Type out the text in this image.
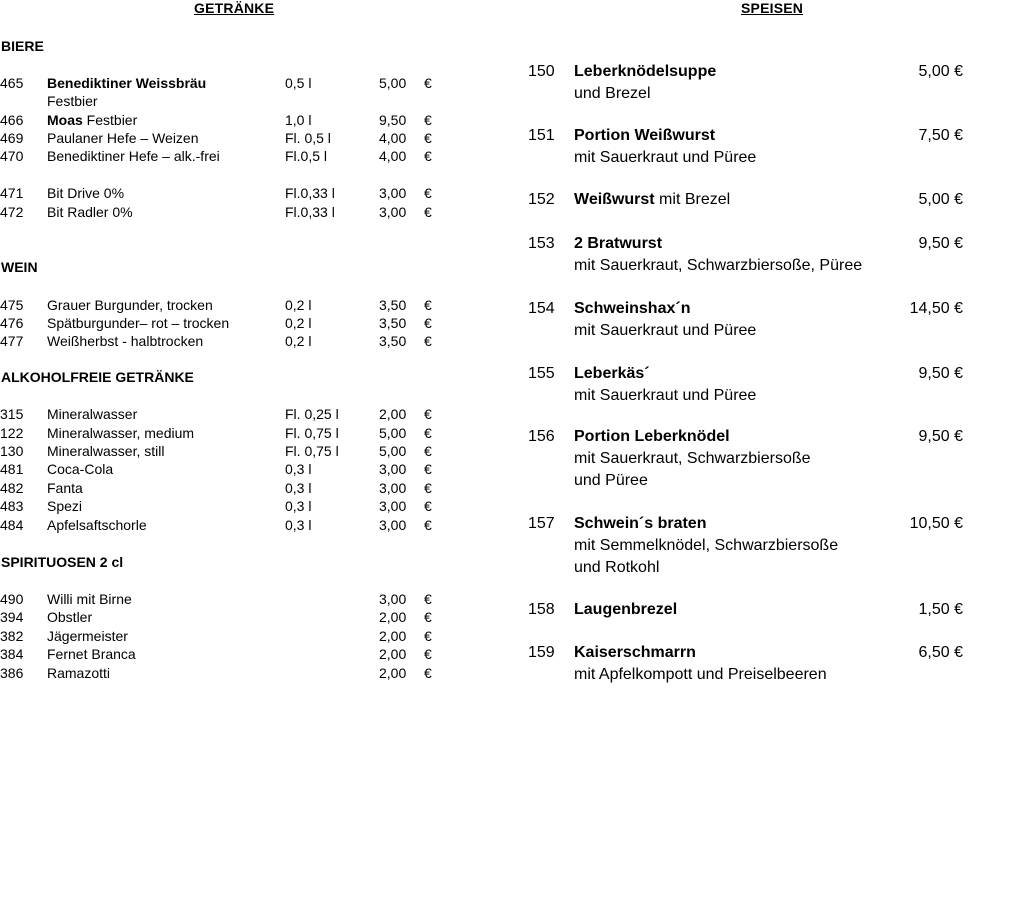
GETRÄNKE	SPEISEN
BIERE
WEIN
ALKOHOLFREIE GETRÄNKE
SPIRITUOSEN 2 cl
465 Benediktiner Weissbräu	0,5 l	5,00 €
Festbier
466 Moas Festbier	1,0 l	9,50 €
469 Paulaner Hefe – Weizen	Fl. 0,5 l	4,00 €
470 Benediktiner Hefe – alk.-frei	Fl.0,5 l	4,00 €
471 Bit Drive 0%	Fl.0,33 l	3,00 €
472 Bit Radler 0%	Fl.0,33 l	3,00 €
475 Grauer Burgunder, trocken	0,2 l	3,50 €
476 Spätburgunder– rot – trocken	0,2 l	3,50 €
477 Weißherbst - halbtrocken	0,2 l	3,50 €
315 Mineralwasser	Fl. 0,25 l	2,00 €
122 Mineralwasser, medium	Fl. 0,75 l	5,00 €
130 Mineralwasser, still	Fl. 0,75 l	5,00 €
481 Coca-Cola	0,3 l	3,00 €
482 Fanta	0,3 l	3,00 €
483 Spezi	0,3 l	3,00 €
484 Apfelsaftschorle	0,3 l	3,00 €
490 Willi mit Birne	3,00 €
394 Obstler	2,00 €
382 Jägermeister	2,00 €
384 Fernet Branca	2,00 €
386 Ramazotti	2,00 €
150 Leberknödelsuppe	5,00 €
und Brezel
151 Portion Weißwurst	7,50 €
mit Sauerkraut und Püree
152 Weißwurst mit Brezel	5,00 €
153 2 Bratwurst	9,50 €
mit Sauerkraut, Schwarzbiersoße, Püree
154 Schweinshax´n	14,50 €
mit Sauerkraut und Püree
155 Leberkäs´	9,50 €
mit Sauerkraut und Püree
156 Portion Leberknödel	9,50 €
mit Sauerkraut, Schwarzbiersoße
und Püree
157 Schwein´s braten	10,50 €
mit Semmelknödel, Schwarzbiersoße
und Rotkohl
158 Laugenbrezel	1,50 €
159 Kaiserschmarrn	6,50 €
mit Apfelkompott und Preiselbeeren
